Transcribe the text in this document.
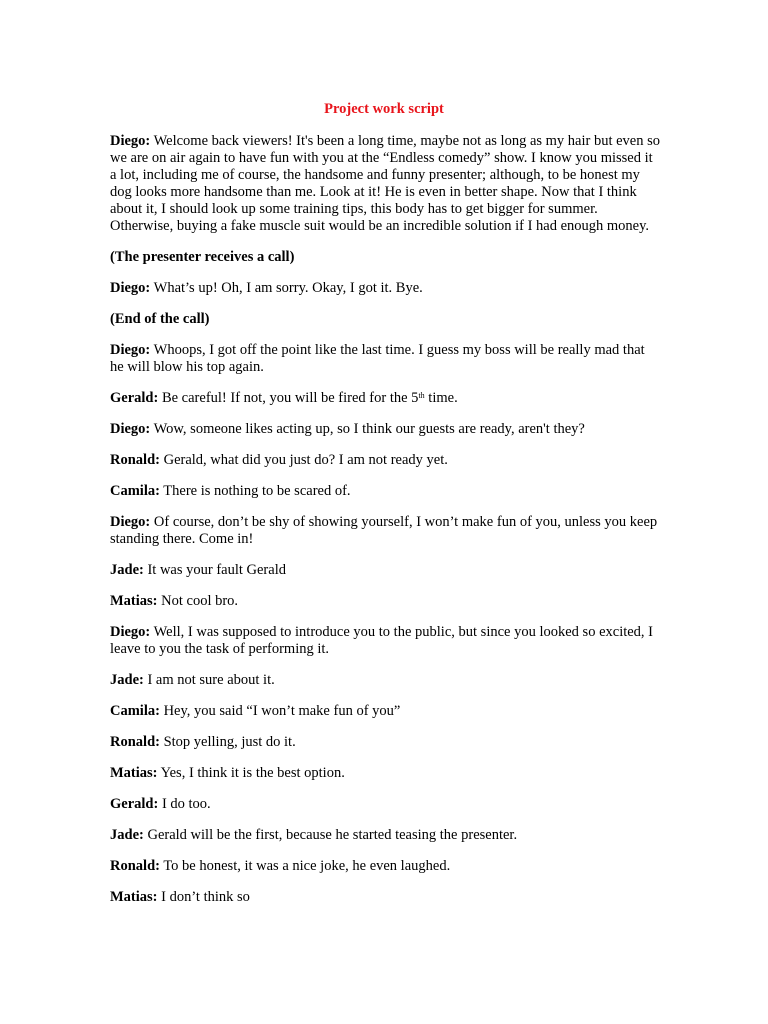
Project work script
Diego: Welcome back viewers! It's been a long time, maybe not as long as my hair but even so we are on air again to have fun with you at the “Endless comedy” show. I know you missed it a lot, including me of course, the handsome and funny presenter; although, to be honest my dog looks more handsome than me. Look at it! He is even in better shape. Now that I think about it, I should look up some training tips, this body has to get bigger for summer. Otherwise, buying a fake muscle suit would be an incredible solution if I had enough money.
(The presenter receives a call)
Diego: What’s up! Oh, I am sorry. Okay, I got it. Bye.
(End of the call)
Diego: Whoops, I got off the point like the last time. I guess my boss will be really mad that he will blow his top again.
Gerald: Be careful! If not, you will be fired for the 5th time.
Diego: Wow, someone likes acting up, so I think our guests are ready, aren't they?
Ronald: Gerald, what did you just do? I am not ready yet.
Camila: There is nothing to be scared of.
Diego: Of course, don’t be shy of showing yourself, I won’t make fun of you, unless you keep standing there. Come in!
Jade: It was your fault Gerald
Matias: Not cool bro.
Diego: Well, I was supposed to introduce you to the public, but since you looked so excited, I leave to you the task of performing it.
Jade: I am not sure about it.
Camila: Hey, you said “I won’t make fun of you”
Ronald: Stop yelling, just do it.
Matias: Yes, I think it is the best option.
Gerald: I do too.
Jade: Gerald will be the first, because he started teasing the presenter.
Ronald: To be honest, it was a nice joke, he even laughed.
Matias: I don’t think so
